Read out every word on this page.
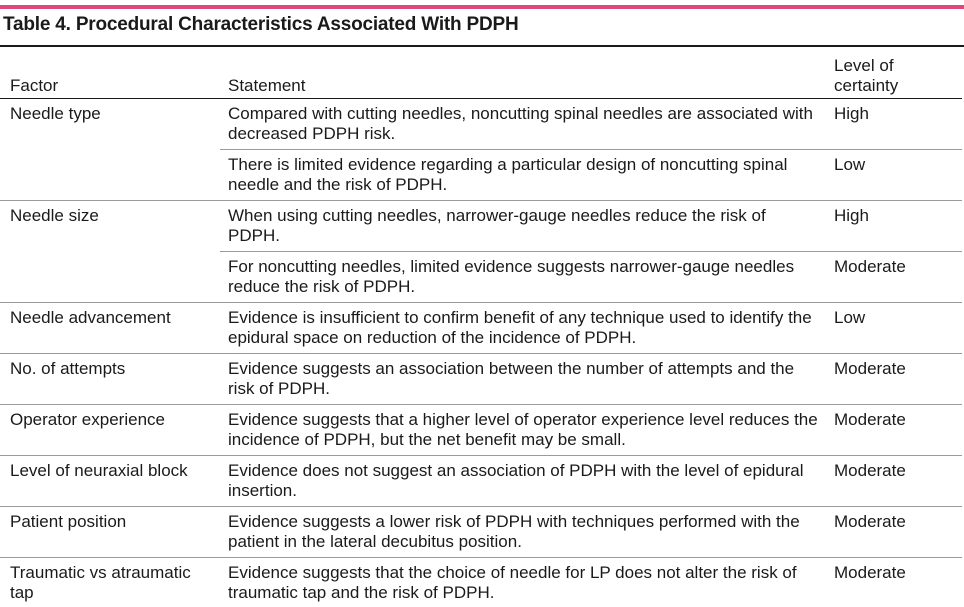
Table 4. Procedural Characteristics Associated With PDPH
Factor	Statement	Level of certainty
Needle type	Compared with cutting needles, noncutting spinal needles are associated with decreased PDPH risk.	High
	There is limited evidence regarding a particular design of noncutting spinal needle and the risk of PDPH.	Low
Needle size	When using cutting needles, narrower-gauge needles reduce the risk of PDPH.	High
	For noncutting needles, limited evidence suggests narrower-gauge needles reduce the risk of PDPH.	Moderate
Needle advancement	Evidence is insufficient to confirm benefit of any technique used to identify the epidural space on reduction of the incidence of PDPH.	Low
No. of attempts	Evidence suggests an association between the number of attempts and the risk of PDPH.	Moderate
Operator experience	Evidence suggests that a higher level of operator experience level reduces the incidence of PDPH, but the net benefit may be small.	Moderate
Level of neuraxial block	Evidence does not suggest an association of PDPH with the level of epidural insertion.	Moderate
Patient position	Evidence suggests a lower risk of PDPH with techniques performed with the patient in the lateral decubitus position.	Moderate
Traumatic vs atraumatic tap	Evidence suggests that the choice of needle for LP does not alter the risk of traumatic tap and the risk of PDPH.	Moderate
